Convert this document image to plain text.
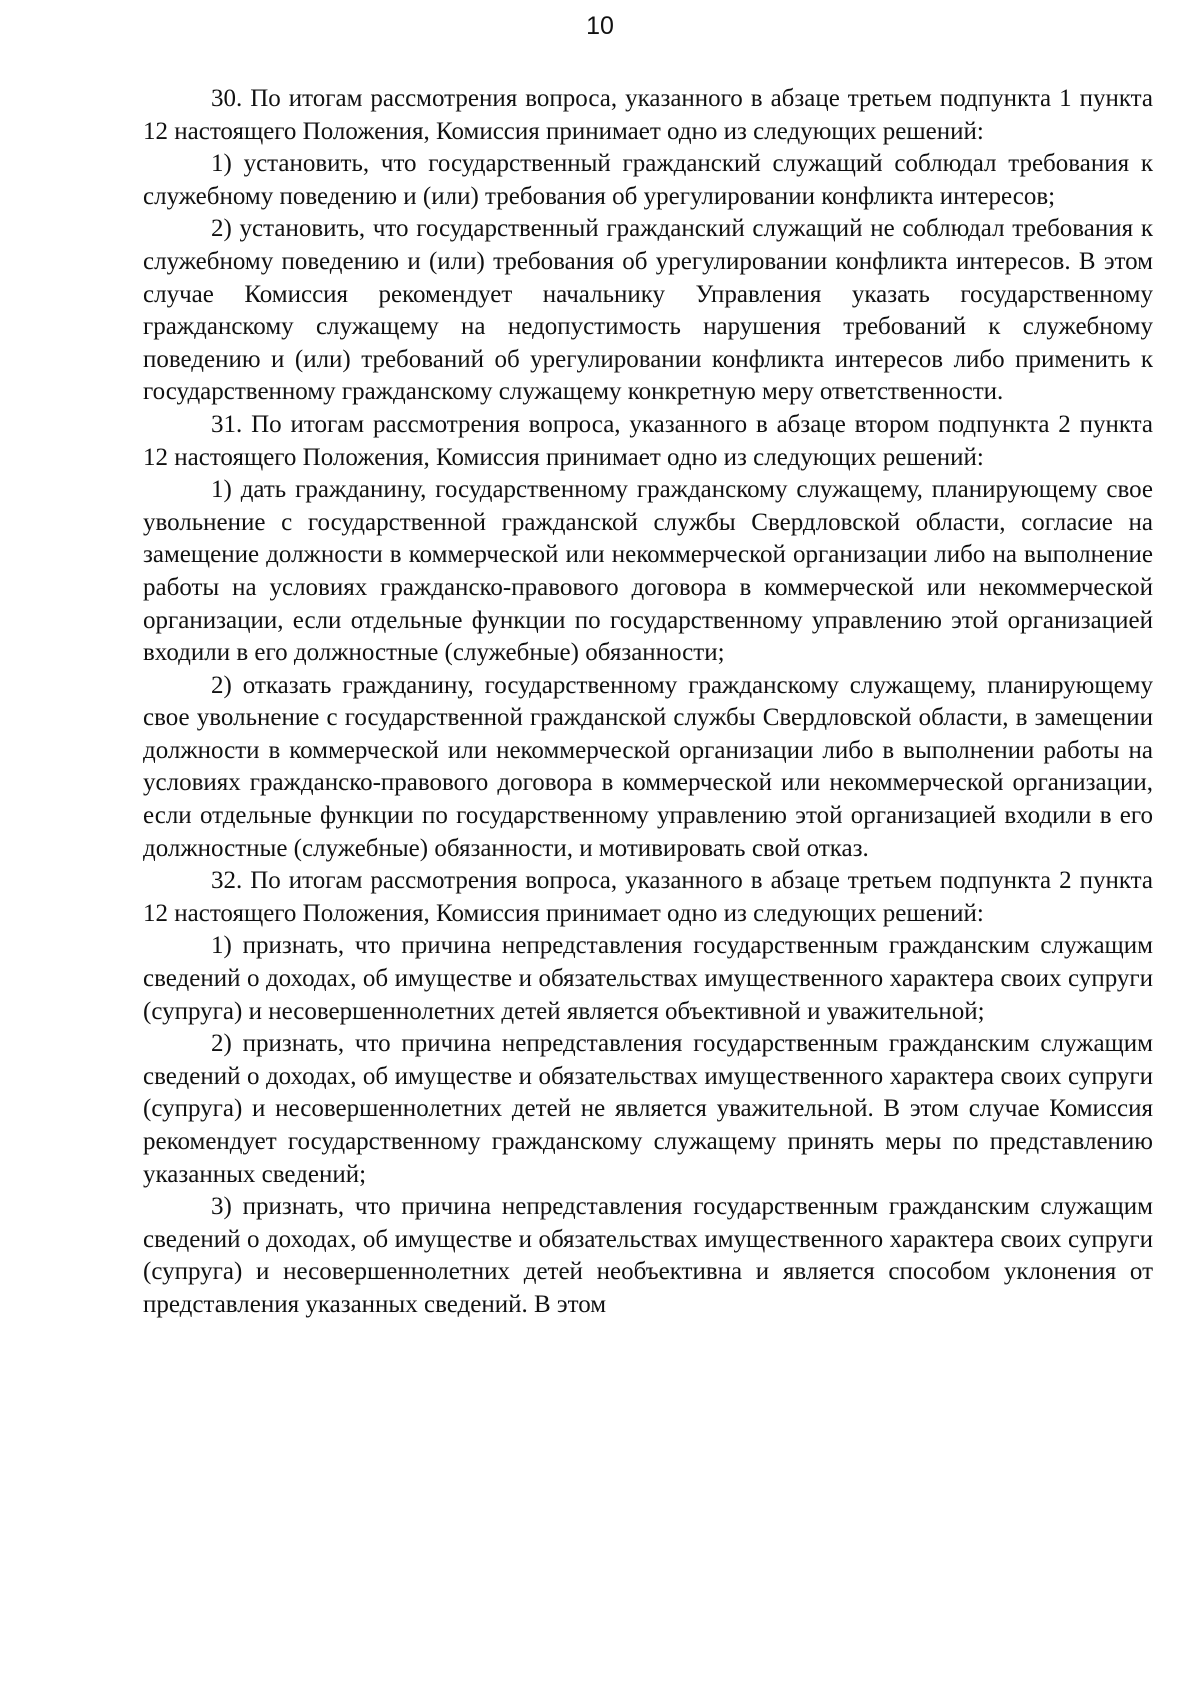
10

30. По итогам рассмотрения вопроса, указанного в абзаце третьем подпункта 1 пункта 12 настоящего Положения, Комиссия принимает одно из следующих решений:

1) установить, что государственный гражданский служащий соблюдал требования к служебному поведению и (или) требования об урегулировании конфликта интересов;

2) установить, что государственный гражданский служащий не соблюдал требования к служебному поведению и (или) требования об урегулировании конфликта интересов. В этом случае Комиссия рекомендует начальнику Управления указать государственному гражданскому служащему на недопустимость нарушения требований к служебному поведению и (или) требований об урегулировании конфликта интересов либо применить к государственному гражданскому служащему конкретную меру ответственности.

31. По итогам рассмотрения вопроса, указанного в абзаце втором подпункта 2 пункта 12 настоящего Положения, Комиссия принимает одно из следующих решений:

1) дать гражданину, государственному гражданскому служащему, планирующему свое увольнение с государственной гражданской службы Свердловской области, согласие на замещение должности в коммерческой или некоммерческой организации либо на выполнение работы на условиях гражданско-правового договора в коммерческой или некоммерческой организации, если отдельные функции по государственному управлению этой организацией входили в его должностные (служебные) обязанности;

2) отказать гражданину, государственному гражданскому служащему, планирующему свое увольнение с государственной гражданской службы Свердловской области, в замещении должности в коммерческой или некоммерческой организации либо в выполнении работы на условиях гражданско-правового договора в коммерческой или некоммерческой организации, если отдельные функции по государственному управлению этой организацией входили в его должностные (служебные) обязанности, и мотивировать свой отказ.

32. По итогам рассмотрения вопроса, указанного в абзаце третьем подпункта 2 пункта 12 настоящего Положения, Комиссия принимает одно из следующих решений:

1) признать, что причина непредставления государственным гражданским служащим сведений о доходах, об имуществе и обязательствах имущественного характера своих супруги (супруга) и несовершеннолетних детей является объективной и уважительной;

2) признать, что причина непредставления государственным гражданским служащим сведений о доходах, об имуществе и обязательствах имущественного характера своих супруги (супруга) и несовершеннолетних детей не является уважительной. В этом случае Комиссия рекомендует государственному гражданскому служащему принять меры по представлению указанных сведений;

3) признать, что причина непредставления государственным гражданским служащим сведений о доходах, об имуществе и обязательствах имущественного характера своих супруги (супруга) и несовершеннолетних детей необъективна и является способом уклонения от представления указанных сведений. В этом
